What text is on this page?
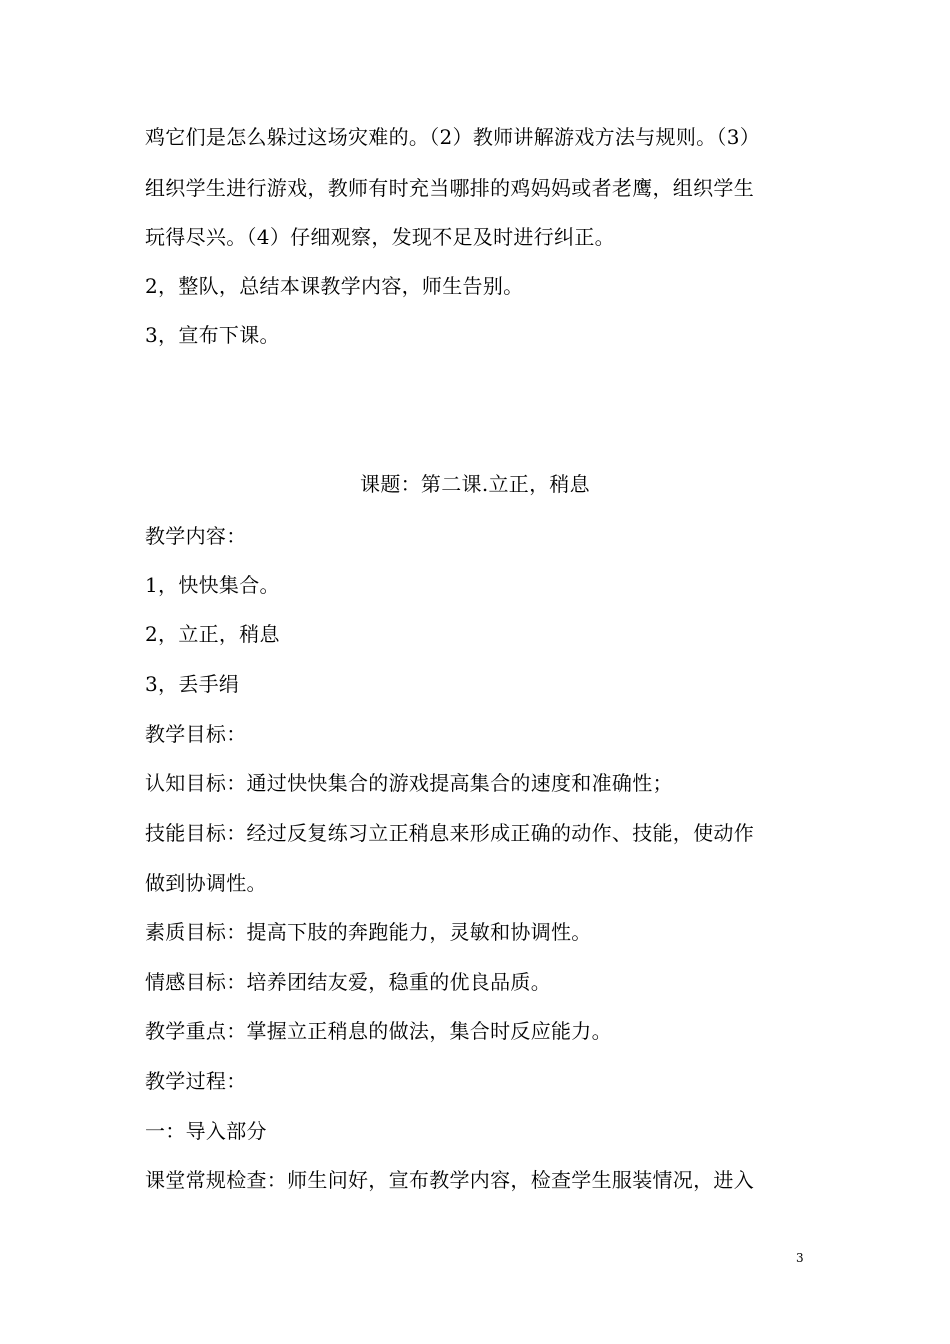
鸡它们是怎么躲过这场灾难的。（2）教师讲解游戏方法与规则。（3）
组织学生进行游戏，教师有时充当哪排的鸡妈妈或者老鹰，组织学生
玩得尽兴。（4）仔细观察，发现不足及时进行纠正。
2，整队，总结本课教学内容，师生告别。
3，宣布下课。
课题：第二课.立正，稍息
教学内容：
1，快快集合。
2，立正，稍息
3，丢手绢
教学目标：
认知目标：通过快快集合的游戏提高集合的速度和准确性；
技能目标：经过反复练习立正稍息来形成正确的动作、技能，使动作
做到协调性。
素质目标：提高下肢的奔跑能力，灵敏和协调性。
情感目标：培养团结友爱，稳重的优良品质。
教学重点：掌握立正稍息的做法，集合时反应能力。
教学过程：
一：导入部分
课堂常规检查：师生问好，宣布教学内容，检查学生服装情况，进入
3
